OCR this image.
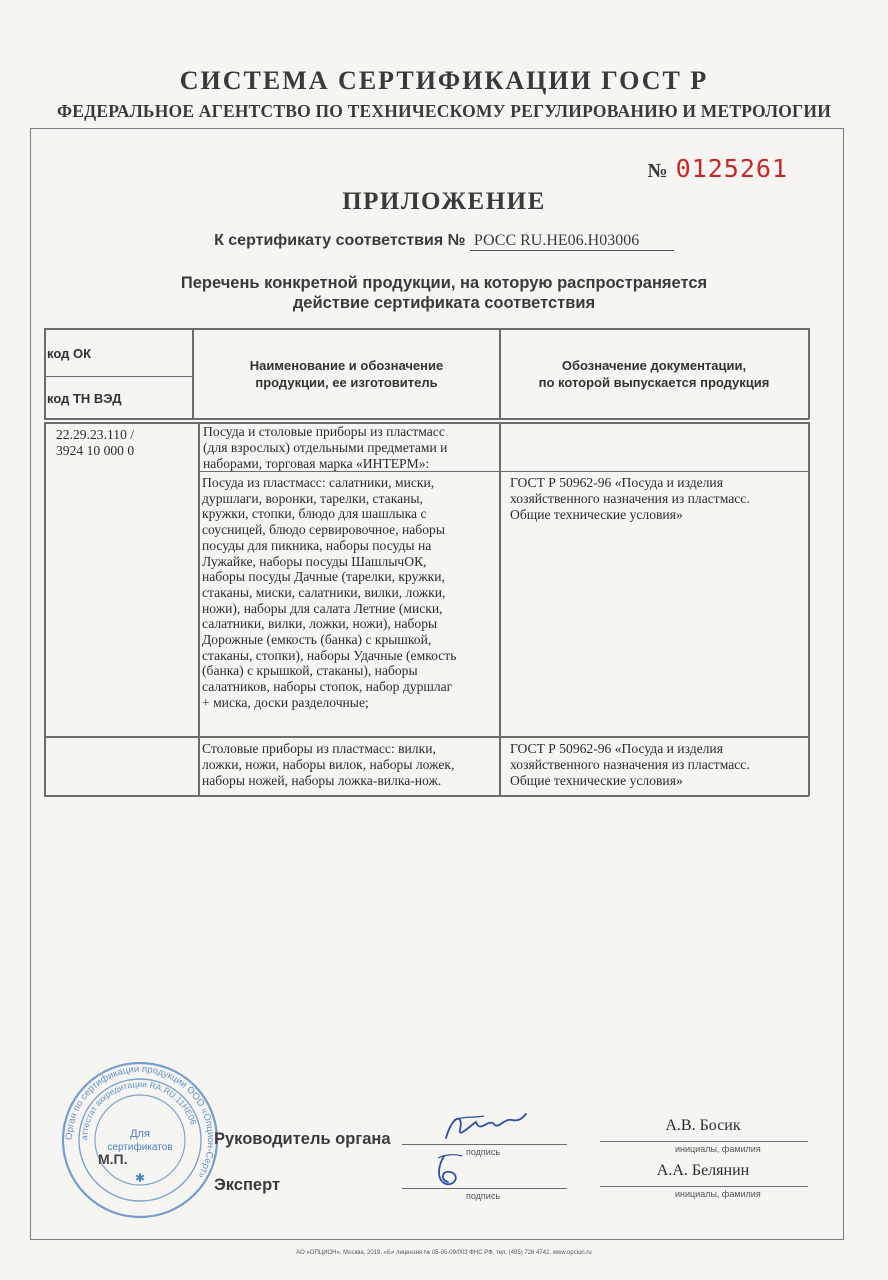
СИСТЕМА СЕРТИФИКАЦИИ ГОСТ Р
ФЕДЕРАЛЬНОЕ АГЕНТСТВО ПО ТЕХНИЧЕСКОМУ РЕГУЛИРОВАНИЮ И МЕТРОЛОГИИ
№ 0125261
ПРИЛОЖЕНИЕ
К сертификату соответствия № РОСС RU.НЕ06.Н03006
Перечень конкретной продукции, на которую распространяется
действие сертификата соответствия
код ОК
код ТН ВЭД
Наименование и обозначение
продукции, ее изготовитель
Обозначение документации,
по которой выпускается продукция
22.29.23.110 /
3924 10 000 0
Посуда и столовые приборы из пластмасс
(для взрослых) отдельными предметами и
наборами, торговая марка «ИНТЕРМ»:
Посуда из пластмасс: салатники, миски,
дуршлаги, воронки, тарелки, стаканы,
кружки, стопки, блюдо для шашлыка с
соусницей, блюдо сервировочное, наборы
посуды для пикника, наборы посуды на
Лужайке, наборы посуды ШашлычОК,
наборы посуды Дачные (тарелки, кружки,
стаканы, миски, салатники, вилки, ложки,
ножи), наборы для салата Летние (миски,
салатники, вилки, ложки, ножи), наборы
Дорожные (емкость (банка) с крышкой,
стаканы, стопки), наборы Удачные (емкость
(банка) с крышкой, стаканы), наборы
салатников, наборы стопок, набор дуршлаг
+ миска, доски разделочные;
ГОСТ Р 50962-96 «Посуда и изделия
хозяйственного назначения из пластмасс.
Общие технические условия»
Столовые приборы из пластмасс: вилки,
ложки, ножи, наборы вилок, наборы ложек,
наборы ножей, наборы ложка-вилка-нож.
ГОСТ Р 50962-96 «Посуда и изделия
хозяйственного назначения из пластмасс.
Общие технические условия»
Орган по сертификации продукции ООО «Опцион-Серт»
аттестат аккредитации RA.RU.11НЕ06
Для
сертификатов
✱
М.П.
Руководитель органа
подпись
А.В. Босик
инициалы, фамилия
Эксперт
подпись
А.А. Белянин
инициалы, фамилия
АО «ОПЦИОН», Москва, 2019, «Б» лицензия № 05-05-09/003 ФНС РФ, тел. (495) 726 4742, www.opcion.ru
